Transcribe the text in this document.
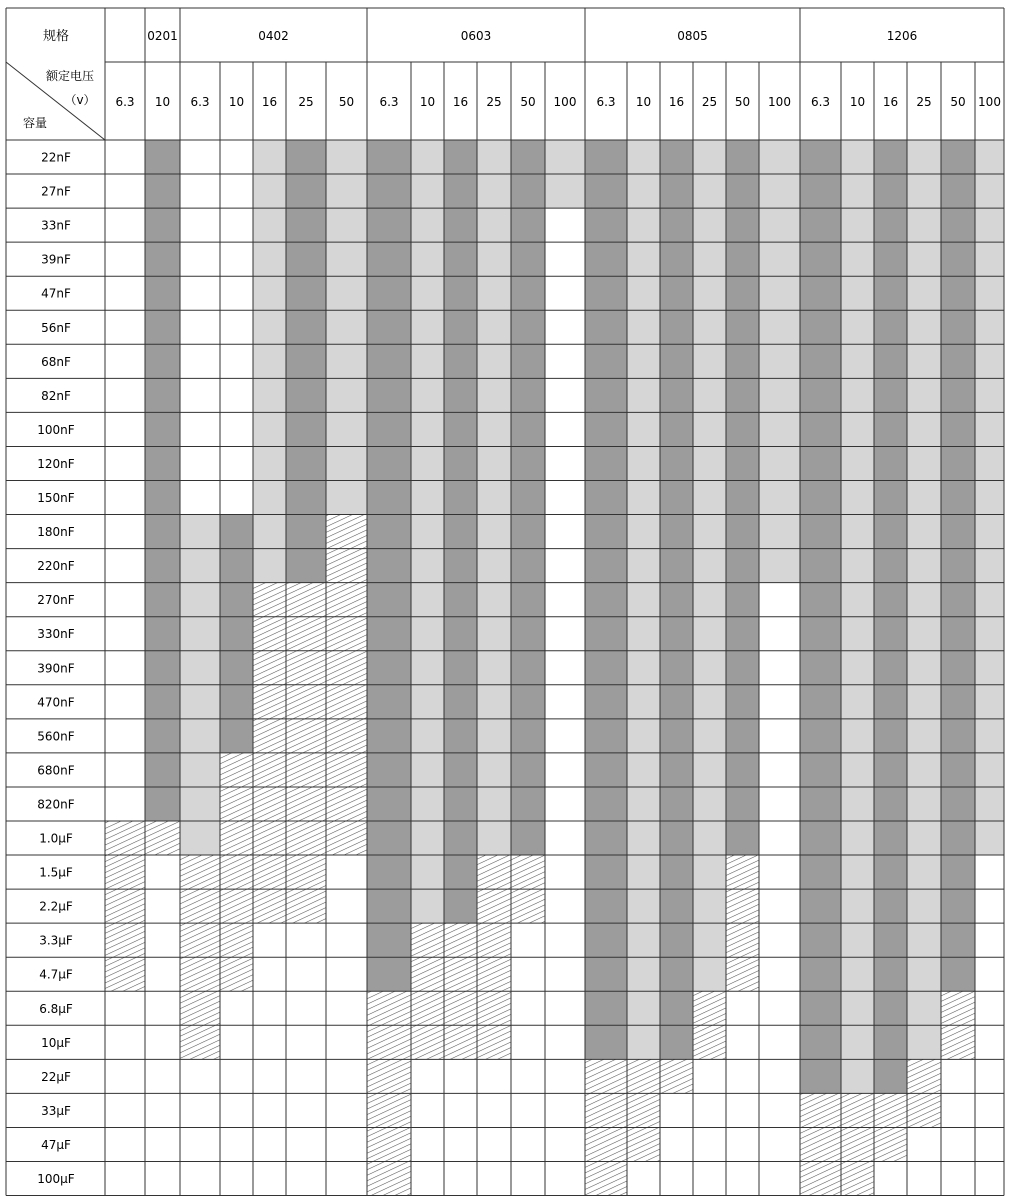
规格
额定电压
（v）
容量
6.3
0201
10
0402
6.3 10 16 25 50
0603
6.3 10 16 25 50 100
0805
6.3 10 16 25 50 100
1206
6.3 10 16 25 50 100
22nF
27nF
33nF
39nF
47nF
56nF
68nF
82nF
100nF
120nF
150nF
180nF
220nF
270nF
330nF
390nF
470nF
560nF
680nF
820nF
1.0μF
1.5μF
2.2μF
3.3μF
4.7μF
6.8μF
10μF
22μF
33μF
47μF
100μF
